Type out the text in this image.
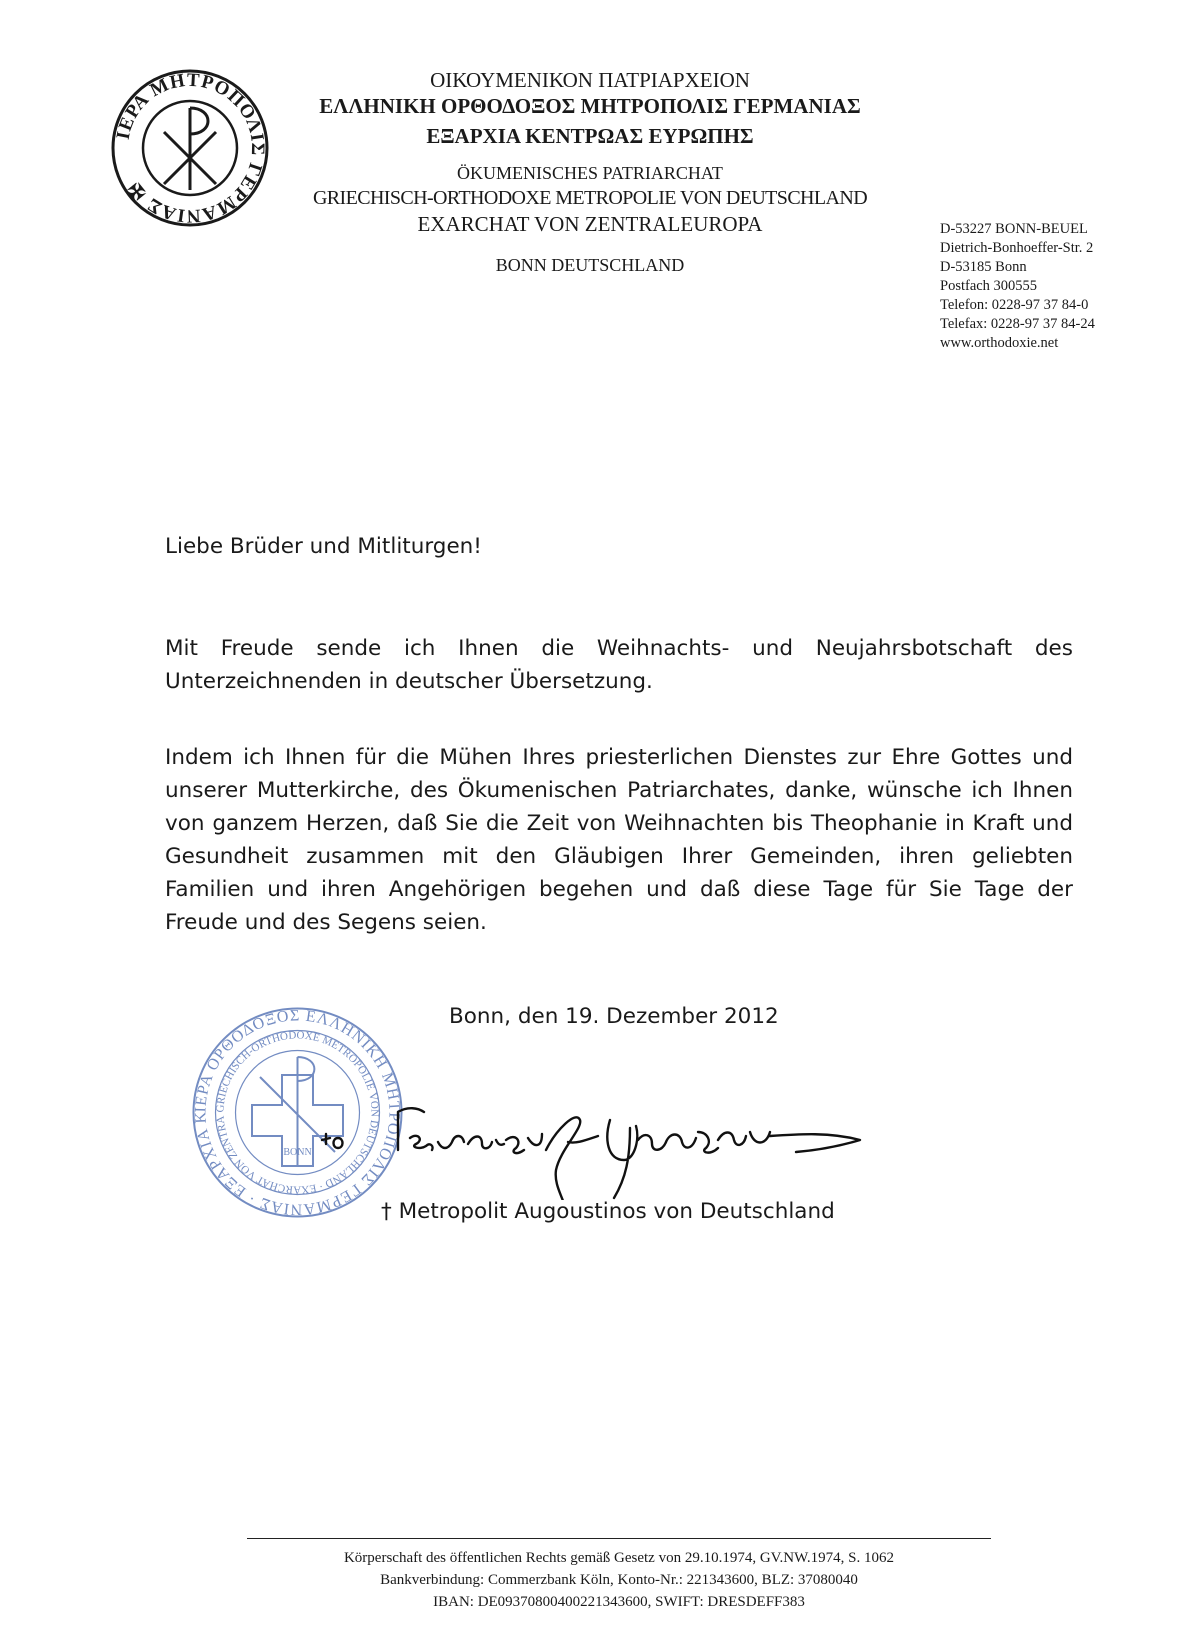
ΙΕΡΑ ΜΗΤΡΟΠΟΛΙΣ ΓΕΡΜΑΝΙΑΣ ✠
ΟΙΚΟΥΜΕΝΙΚΟΝ ΠΑΤΡΙΑΡΧΕΙΟΝ
ΕΛΛΗΝΙΚΗ ΟΡΘΟΔΟΞΟΣ ΜΗΤΡΟΠΟΛΙΣ ΓΕΡΜΑΝΙΑΣ
ΕΞΑΡΧΙΑ ΚΕΝΤΡΩΑΣ ΕΥΡΩΠΗΣ
ÖKUMENISCHES PATRIARCHAT
GRIECHISCH-ORTHODOXE METROPOLIE VON DEUTSCHLAND
EXARCHAT VON ZENTRALEUROPA
BONN DEUTSCHLAND
D-53227 BONN-BEUEL
Dietrich-Bonhoeffer-Str. 2
D-53185 Bonn
Postfach 300555
Telefon: 0228-97 37 84-0
Telefax: 0228-97 37 84-24
www.orthodoxie.net
Liebe Brüder und Mitliturgen!
Mit Freude sende ich Ihnen die Weihnachts- und Neujahrsbotschaft des Unterzeichnenden in deutscher Übersetzung.
Indem ich Ihnen für die Mühen Ihres priesterlichen Dienstes zur Ehre Gottes und unserer Mutterkirche, des Ökumenischen Patriarchates, danke, wünsche ich Ihnen von ganzem Herzen, daß Sie die Zeit von Weihnachten bis Theophanie in Kraft und Gesundheit zusammen mit den Gläubigen Ihrer Gemeinden, ihren geliebten Familien und ihren Angehörigen begehen und daß diese Tage für Sie Tage der Freude und des Segens seien.
Bonn, den 19. Dezember 2012
ΙΕΡΑ ΟΡΘΟΔΟΞΟΣ ΕΛΛΗΝΙΚΗ ΜΗΤΡΟΠΟΛΙΣ ΓΕΡΜΑΝΙΑΣ · ΕΞΑΡΧΙΑ Κ
GRIECHISCH-ORTHODOXE METROPOLIE VON DEUTSCHLAND · EXARCHAT VON ZENTRA
BONN
† Metropolit Augoustinos von Deutschland
Körperschaft des öffentlichen Rechts gemäß Gesetz von 29.10.1974, GV.NW.1974, S. 1062
Bankverbindung: Commerzbank Köln, Konto-Nr.: 221343600, BLZ: 37080040
IBAN: DE09370800400221343600, SWIFT: DRESDEFF383
